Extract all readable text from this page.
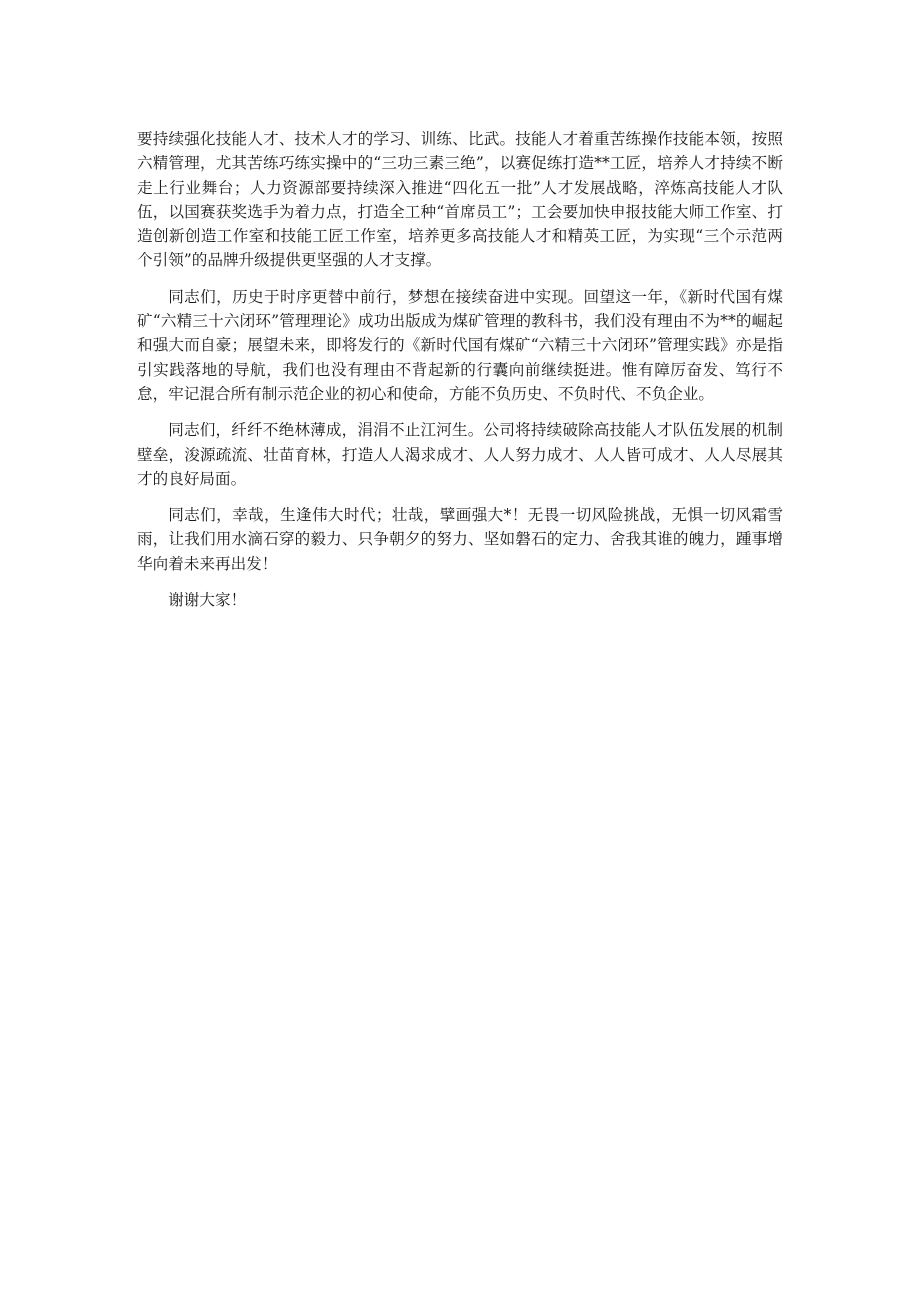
要持续强化技能人才、技术人才的学习、训练、比武。技能人才着重苦练操作技能本领，按照六精管理，尤其苦练巧练实操中的“三功三素三绝”，以赛促练打造**工匠，培养人才持续不断走上行业舞台；人力资源部要持续深入推进“四化五一批”人才发展战略，淬炼高技能人才队伍，以国赛获奖选手为着力点，打造全工种“首席员工”；工会要加快申报技能大师工作室、打造创新创造工作室和技能工匠工作室，培养更多高技能人才和精英工匠，为实现“三个示范两个引领”的品牌升级提供更坚强的人才支撑。

同志们，历史于时序更替中前行，梦想在接续奋进中实现。回望这一年，《新时代国有煤矿“六精三十六闭环”管理理论》成功出版成为煤矿管理的教科书，我们没有理由不为**的崛起和强大而自豪；展望未来，即将发行的《新时代国有煤矿“六精三十六闭环”管理实践》亦是指引实践落地的导航，我们也没有理由不背起新的行囊向前继续挺进。惟有障厉奋发、笃行不怠，牢记混合所有制示范企业的初心和使命，方能不负历史、不负时代、不负企业。

同志们，纤纤不绝林薄成，涓涓不止江河生。公司将持续破除高技能人才队伍发展的机制壁垒，浚源疏流、壮苗育林，打造人人渴求成才、人人努力成才、人人皆可成才、人人尽展其才的良好局面。

同志们，幸哉，生逢伟大时代；壮哉，擘画强大*！无畏一切风险挑战，无惧一切风霜雪雨，让我们用水滴石穿的毅力、只争朝夕的努力、坚如磐石的定力、舍我其谁的魄力，踵事增华向着未来再出发！

谢谢大家！
